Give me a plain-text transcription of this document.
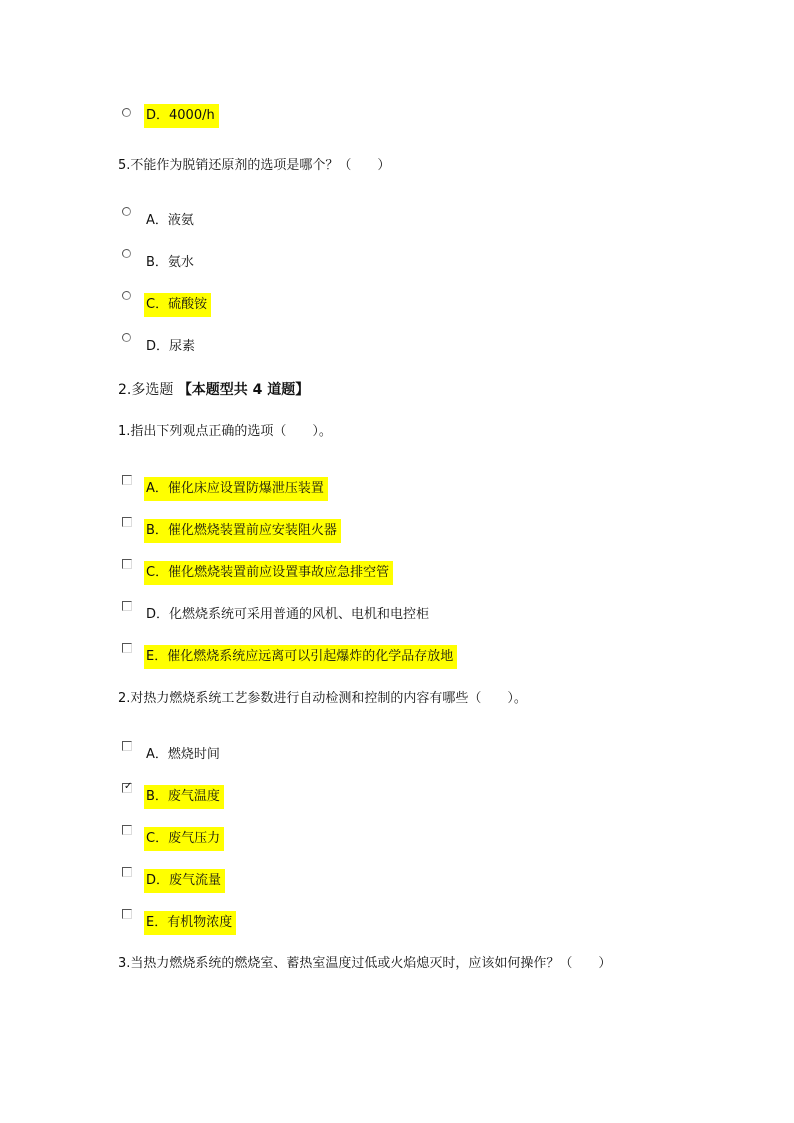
D．4000/h
5.不能作为脱销还原剂的选项是哪个？（　　）
A．液氨
B．氨水
C．硫酸铵
D．尿素
2.多选题 【本题型共 4 道题】
1.指出下列观点正确的选项（　　）。
A．催化床应设置防爆泄压装置
B．催化燃烧装置前应安装阻火器
C．催化燃烧装置前应设置事故应急排空管
D．化燃烧系统可采用普通的风机、电机和电控柜
E．催化燃烧系统应远离可以引起爆炸的化学品存放地
2.对热力燃烧系统工艺参数进行自动检测和控制的内容有哪些（　　）。
A．燃烧时间
✓
B．废气温度
C．废气压力
D．废气流量
E．有机物浓度
3.当热力燃烧系统的燃烧室、蓄热室温度过低或火焰熄灭时，应该如何操作？（　　）
